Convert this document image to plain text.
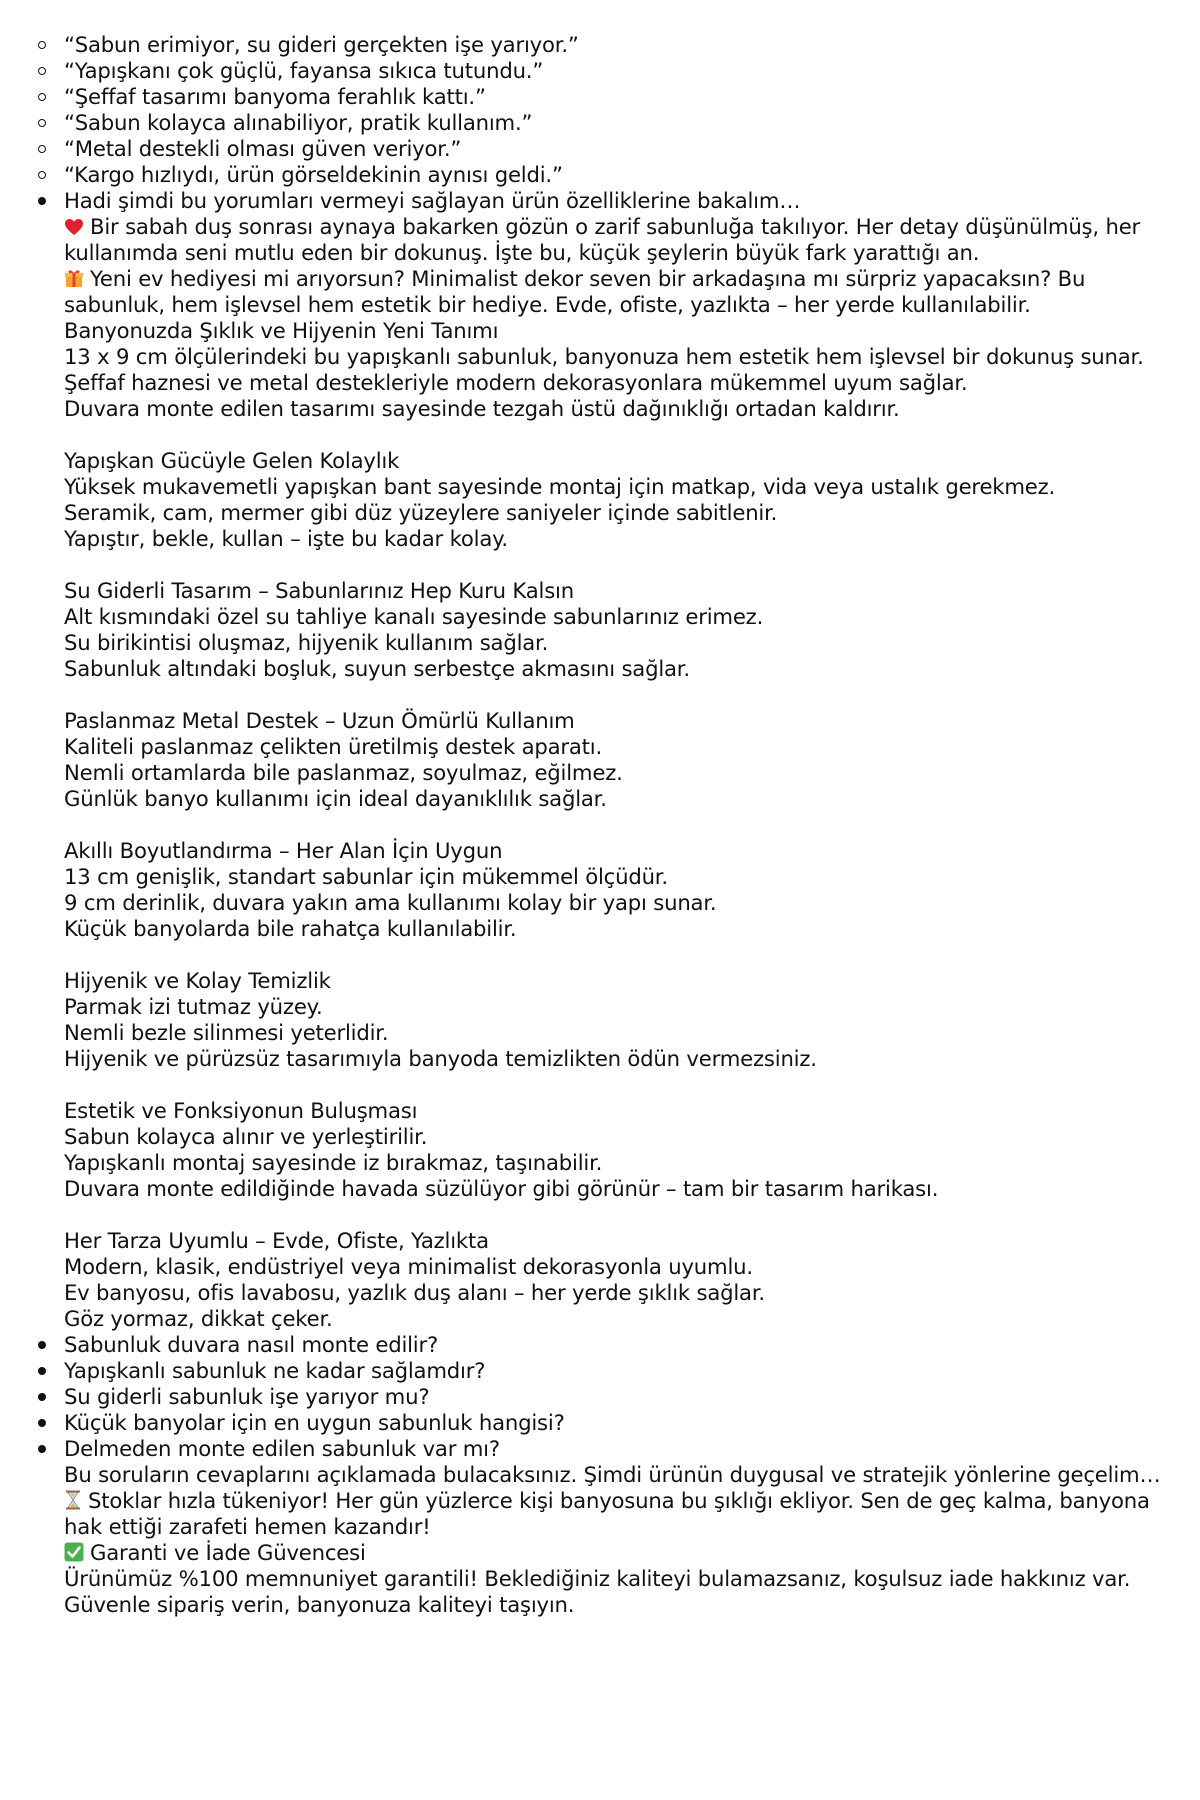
“Sabun erimiyor, su gideri gerçekten işe yarıyor.”
“Yapışkanı çok güçlü, fayansa sıkıca tutundu.”
“Şeffaf tasarımı banyoma ferahlık kattı.”
“Sabun kolayca alınabiliyor, pratik kullanım.”
“Metal destekli olması güven veriyor.”
“Kargo hızlıydı, ürün görseldekinin aynısı geldi.”
Hadi şimdi bu yorumları vermeyi sağlayan ürün özelliklerine bakalım…
Bir sabah duş sonrası aynaya bakarken gözün o zarif sabunluğa takılıyor. Her detay düşünülmüş, her kullanımda seni mutlu eden bir dokunuş. İşte bu, küçük şeylerin büyük fark yarattığı an.
Yeni ev hediyesi mi arıyorsun? Minimalist dekor seven bir arkadaşına mı sürpriz yapacaksın? Bu sabunluk, hem işlevsel hem estetik bir hediye. Evde, ofiste, yazlıkta – her yerde kullanılabilir.
Banyonuzda Şıklık ve Hijyenin Yeni Tanımı
13 x 9 cm ölçülerindeki bu yapışkanlı sabunluk, banyonuza hem estetik hem işlevsel bir dokunuş sunar.
Şeffaf haznesi ve metal destekleriyle modern dekorasyonlara mükemmel uyum sağlar.
Duvara monte edilen tasarımı sayesinde tezgah üstü dağınıklığı ortadan kaldırır.
Yapışkan Gücüyle Gelen Kolaylık
Yüksek mukavemetli yapışkan bant sayesinde montaj için matkap, vida veya ustalık gerekmez.
Seramik, cam, mermer gibi düz yüzeylere saniyeler içinde sabitlenir.
Yapıştır, bekle, kullan – işte bu kadar kolay.
Su Giderli Tasarım – Sabunlarınız Hep Kuru Kalsın
Alt kısmındaki özel su tahliye kanalı sayesinde sabunlarınız erimez.
Su birikintisi oluşmaz, hijyenik kullanım sağlar.
Sabunluk altındaki boşluk, suyun serbestçe akmasını sağlar.
Paslanmaz Metal Destek – Uzun Ömürlü Kullanım
Kaliteli paslanmaz çelikten üretilmiş destek aparatı.
Nemli ortamlarda bile paslanmaz, soyulmaz, eğilmez.
Günlük banyo kullanımı için ideal dayanıklılık sağlar.
Akıllı Boyutlandırma – Her Alan İçin Uygun
13 cm genişlik, standart sabunlar için mükemmel ölçüdür.
9 cm derinlik, duvara yakın ama kullanımı kolay bir yapı sunar.
Küçük banyolarda bile rahatça kullanılabilir.
Hijyenik ve Kolay Temizlik
Parmak izi tutmaz yüzey.
Nemli bezle silinmesi yeterlidir.
Hijyenik ve pürüzsüz tasarımıyla banyoda temizlikten ödün vermezsiniz.
Estetik ve Fonksiyonun Buluşması
Sabun kolayca alınır ve yerleştirilir.
Yapışkanlı montaj sayesinde iz bırakmaz, taşınabilir.
Duvara monte edildiğinde havada süzülüyor gibi görünür – tam bir tasarım harikası.
Her Tarza Uyumlu – Evde, Ofiste, Yazlıkta
Modern, klasik, endüstriyel veya minimalist dekorasyonla uyumlu.
Ev banyosu, ofis lavabosu, yazlık duş alanı – her yerde şıklık sağlar.
Göz yormaz, dikkat çeker.
Sabunluk duvara nasıl monte edilir?
Yapışkanlı sabunluk ne kadar sağlamdır?
Su giderli sabunluk işe yarıyor mu?
Küçük banyolar için en uygun sabunluk hangisi?
Delmeden monte edilen sabunluk var mı?
Bu soruların cevaplarını açıklamada bulacaksınız. Şimdi ürünün duygusal ve stratejik yönlerine geçelim…
Stoklar hızla tükeniyor! Her gün yüzlerce kişi banyosuna bu şıklığı ekliyor. Sen de geç kalma, banyona hak ettiği zarafeti hemen kazandır!
Garanti ve İade Güvencesi
Ürünümüz %100 memnuniyet garantili! Beklediğiniz kaliteyi bulamazsanız, koşulsuz iade hakkınız var. Güvenle sipariş verin, banyonuza kaliteyi taşıyın.
